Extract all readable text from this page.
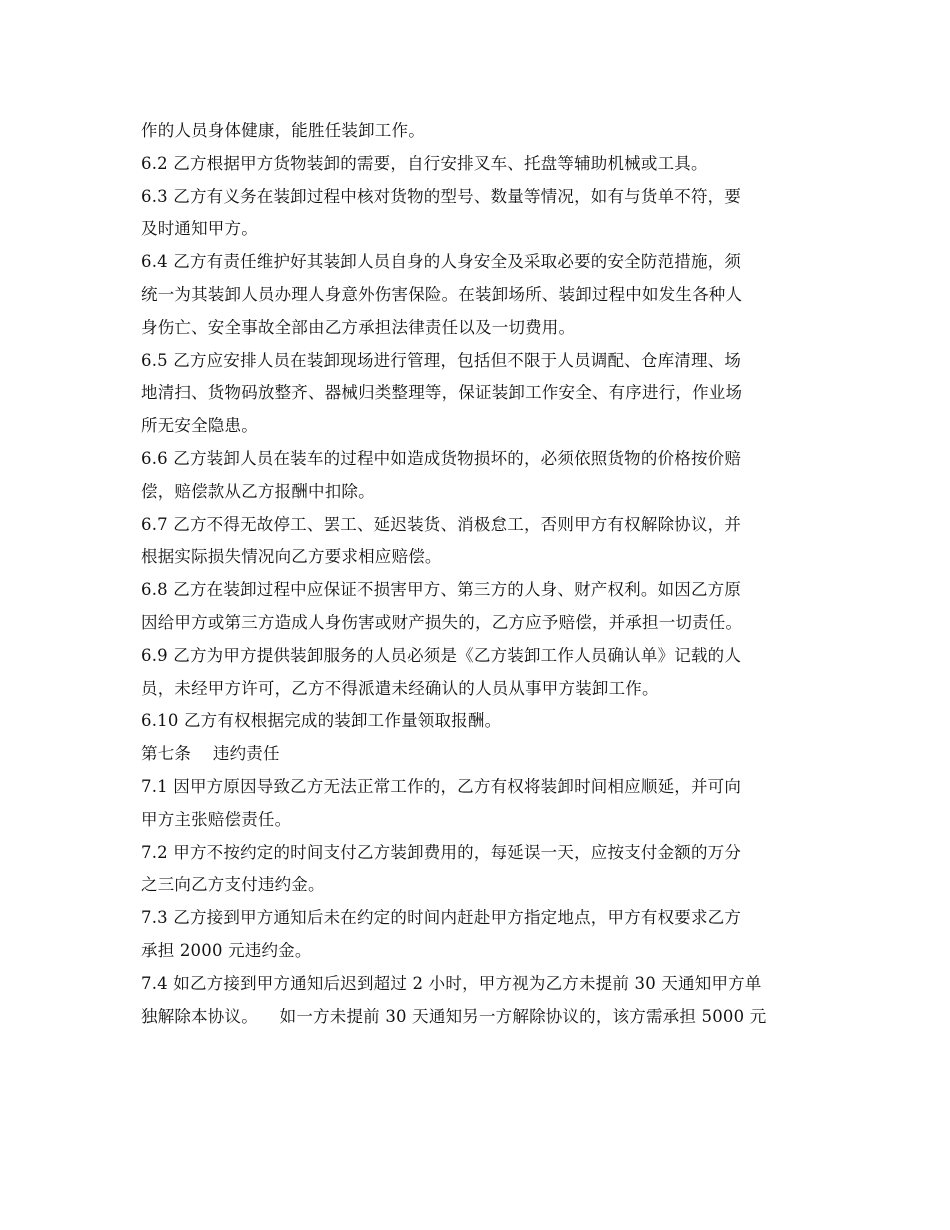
作的人员身体健康，能胜任装卸工作。
6.2 乙方根据甲方货物装卸的需要，自行安排叉车、托盘等辅助机械或工具。
6.3 乙方有义务在装卸过程中核对货物的型号、数量等情况，如有与货单不符，要
及时通知甲方。
6.4 乙方有责任维护好其装卸人员自身的人身安全及采取必要的安全防范措施，须
统一为其装卸人员办理人身意外伤害保险。在装卸场所、装卸过程中如发生各种人
身伤亡、安全事故全部由乙方承担法律责任以及一切费用。
6.5 乙方应安排人员在装卸现场进行管理，包括但不限于人员调配、仓库清理、场
地清扫、货物码放整齐、器械归类整理等，保证装卸工作安全、有序进行，作业场
所无安全隐患。
6.6 乙方装卸人员在装车的过程中如造成货物损坏的，必须依照货物的价格按价赔
偿，赔偿款从乙方报酬中扣除。
6.7 乙方不得无故停工、罢工、延迟装货、消极怠工，否则甲方有权解除协议，并
根据实际损失情况向乙方要求相应赔偿。
6.8 乙方在装卸过程中应保证不损害甲方、第三方的人身、财产权利。如因乙方原
因给甲方或第三方造成人身伤害或财产损失的，乙方应予赔偿，并承担一切责任。
6.9 乙方为甲方提供装卸服务的人员必须是《乙方装卸工作人员确认单》记载的人
员，未经甲方许可，乙方不得派遣未经确认的人员从事甲方装卸工作。
6.10 乙方有权根据完成的装卸工作量领取报酬。
第七条    违约责任
7.1 因甲方原因导致乙方无法正常工作的，乙方有权将装卸时间相应顺延，并可向
甲方主张赔偿责任。
7.2 甲方不按约定的时间支付乙方装卸费用的，每延误一天，应按支付金额的万分
之三向乙方支付违约金。
7.3 乙方接到甲方通知后未在约定的时间内赶赴甲方指定地点，甲方有权要求乙方
承担 2000 元违约金。
7.4 如乙方接到甲方通知后迟到超过 2 小时，甲方视为乙方未提前 30 天通知甲方单
独解除本协议。    如一方未提前 30 天通知另一方解除协议的，该方需承担 5000 元
